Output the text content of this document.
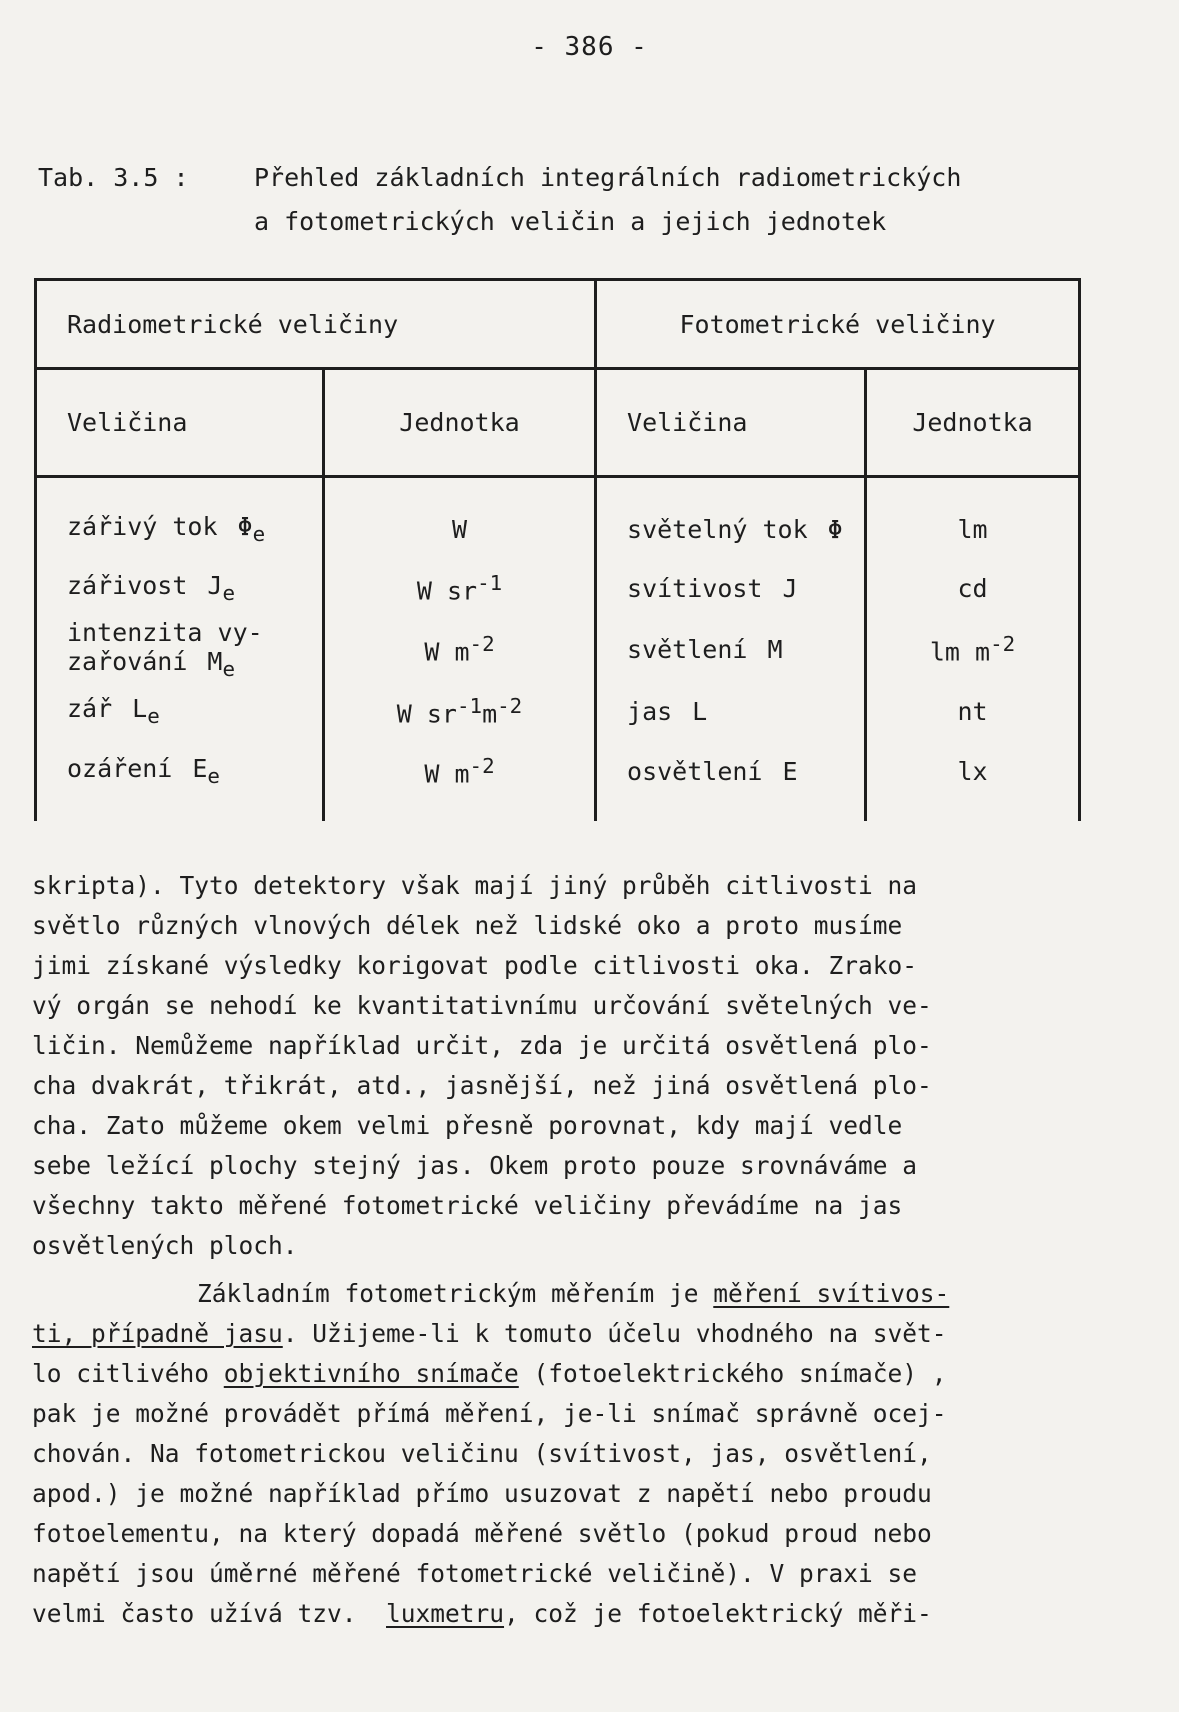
- 386 -
Tab. 3.5 :	Přehled základních integrálních radiometrických
a fotometrických veličin a jejich jednotek
Radiometrické veličiny		Fotometrické veličiny	
Veličina	Jednotka	Veličina	Jednotka
zářivý tok $\Phi_e$	W	světelný tok Φ	lm
zářivost $J_e$	W $sr^{-1}$	svítivost J	cd
intenzita vy-
zařování $M_e$	W $m^{-2}$	světlení M	lm $m^{-2}$
zář $L_e$	W $sr^{-1}m^{-2}$	jas L	nt
ozáření $E_e$	W $m^{-2}$	osvětlení E	lx

skripta). Tyto detektory však mají jiný průběh citlivosti na
světlo různých vlnových délek než lidské oko a proto musíme
jimi získané výsledky korigovat podle citlivosti oka. Zrako-
vý orgán se nehodí ke kvantitativnímu určování světelných ve-
ličin. Nemůžeme například určit, zda je určitá osvětlená plo-
cha dvakrát, třikrát, atd., jasnější, než jiná osvětlená plo-
cha. Zato můžeme okem velmi přesně porovnat, kdy mají vedle
sebe ležící plochy stejný jas. Okem proto pouze srovnáváme a
všechny takto měřené fotometrické veličiny převádíme na jas
osvětlených ploch.

Základním fotometrickým měřením je měření svítivos-
ti, případně jasu. Užijeme-li k tomuto účelu vhodného na svět-
lo citlivého objektivního snímače (fotoelektrického snímače) ,
pak je možné provádět přímá měření, je-li snímač správně ocej-
chován. Na fotometrickou veličinu (svítivost, jas, osvětlení,
apod.) je možné například přímo usuzovat z napětí nebo proudu
fotoelementu, na který dopadá měřené světlo (pokud proud nebo
napětí jsou úměrné měřené fotometrické veličině). V praxi se
velmi často užívá tzv.  luxmetru, což je fotoelektrický měři-
